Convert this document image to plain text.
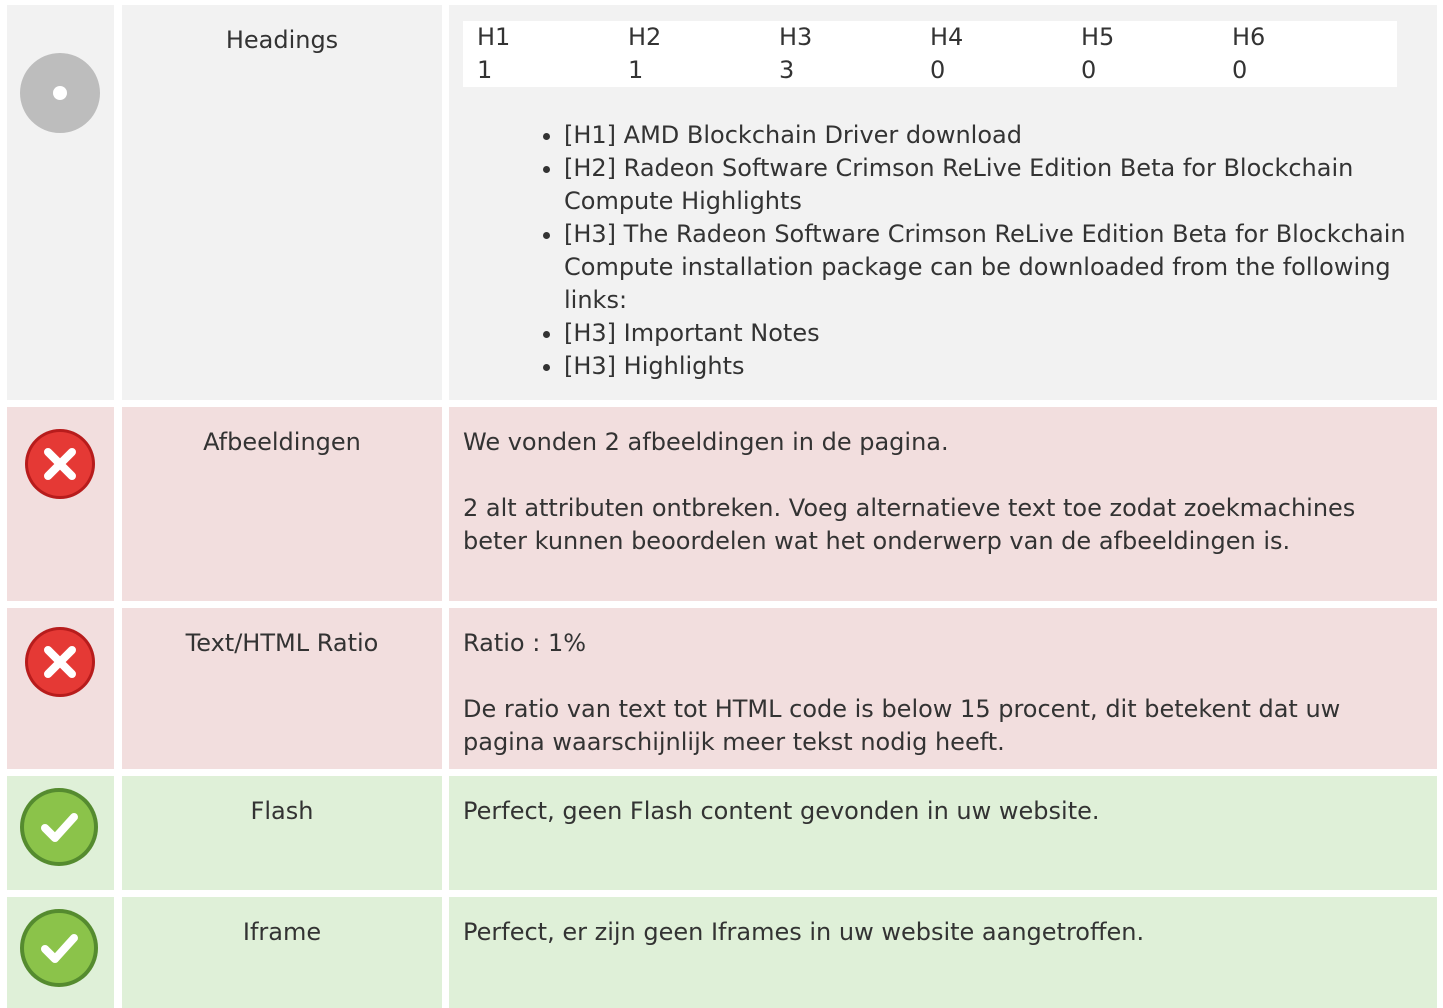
Headings	H1	H2	H3	H4	H5	H6
1	1	3	0	0	0
• [H1] AMD Blockchain Driver download
• [H2] Radeon Software Crimson ReLive Edition Beta for Blockchain Compute Highlights
• [H3] The Radeon Software Crimson ReLive Edition Beta for Blockchain Compute installation package can be downloaded from the following links:
• [H3] Important Notes
• [H3] Highlights
Afbeeldingen	We vonden 2 afbeeldingen in de pagina.

2 alt attributen ontbreken. Voeg alternatieve text toe zodat zoekmachines beter kunnen beoordelen wat het onderwerp van de afbeeldingen is.

Text/HTML Ratio	Ratio : 1%

De ratio van text tot HTML code is below 15 procent, dit betekent dat uw pagina waarschijnlijk meer tekst nodig heeft.

Flash	Perfect, geen Flash content gevonden in uw website.

Iframe	Perfect, er zijn geen Iframes in uw website aangetroffen.
